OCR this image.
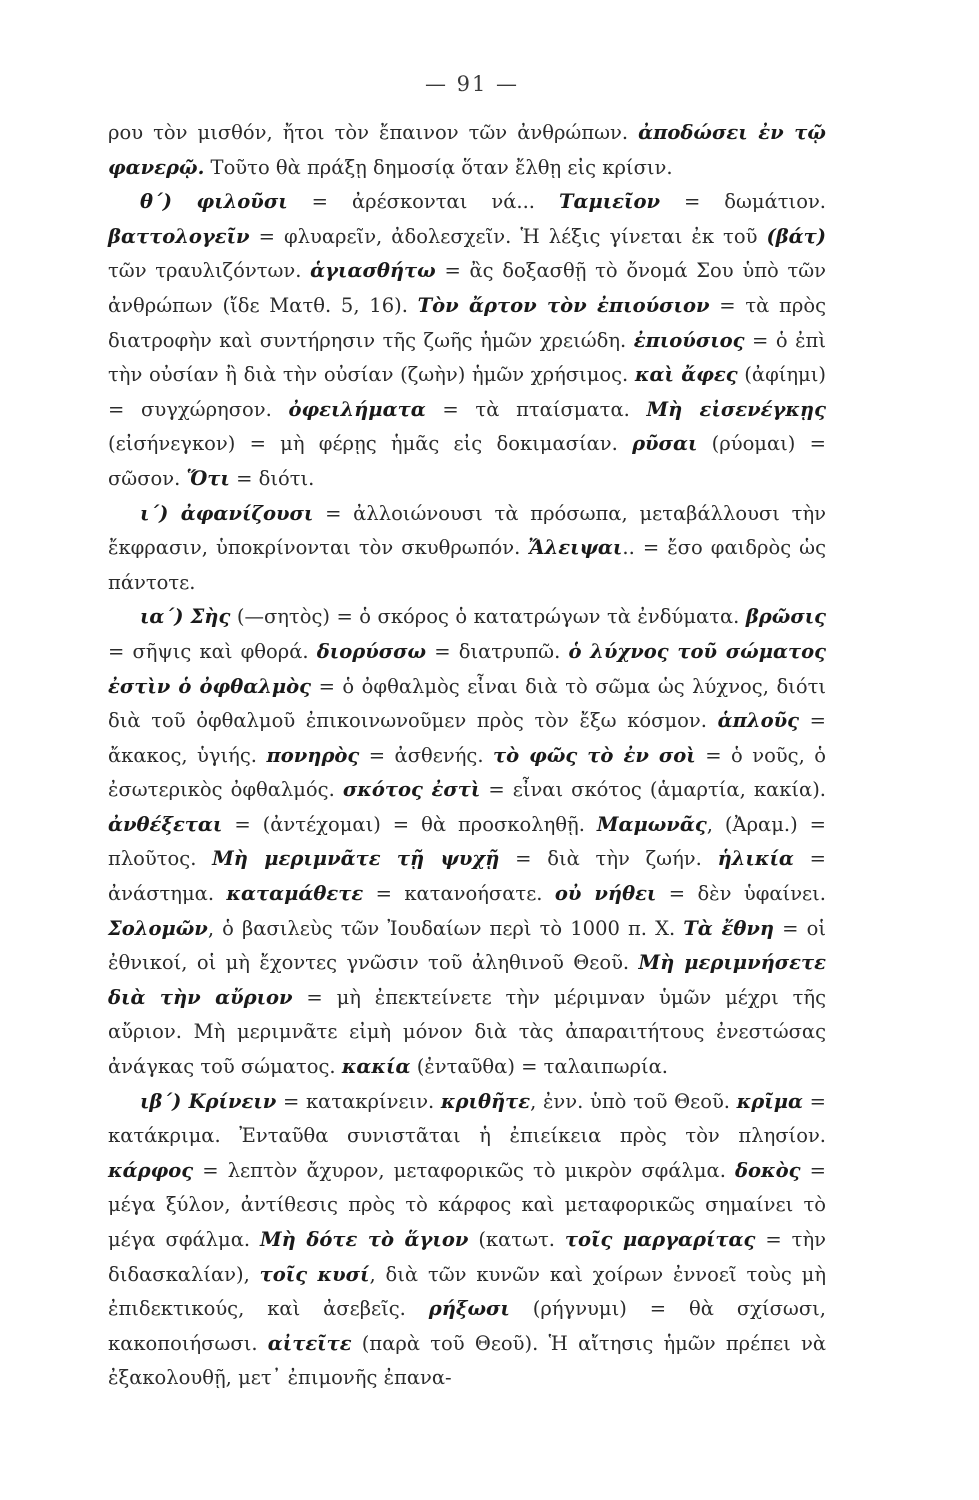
— 91 —

ρου τὸν μισθόν, ἤτοι τὸν ἔπαινον τῶν ἀνθρώπων. ἀποδώσει ἐν τῷ φανερῷ. Τοῦτο θὰ πράξῃ δημοσίᾳ ὅταν ἔλθῃ εἰς κρίσιν.

θ΄) φιλοῦσι = ἀρέσκονται νά... Ταμιεῖον = δωμάτιον. βαττολογεῖν = φλυαρεῖν, ἀδολεσχεῖν. Ἡ λέξις γίνεται ἐκ τοῦ (βάτ) τῶν τραυλιζόντων. ἁγιασθήτω = ἂς δοξασθῇ τὸ ὄνομά Σου ὑπὸ τῶν ἀνθρώπων (ἴδε Ματθ. 5, 16). Τὸν ἄρτον τὸν ἐπιούσιον = τὰ πρὸς διατροφὴν καὶ συντήρησιν τῆς ζωῆς ἡμῶν χρειώδη. ἐπιούσιος = ὁ ἐπὶ τὴν οὐσίαν ἢ διὰ τὴν οὐσίαν (ζωὴν) ἡμῶν χρήσιμος. καὶ ἄφες (ἀφίημι) = συγχώρησον. ὀφειλήματα = τὰ πταίσματα. Μὴ εἰσενέγκῃς (εἰσήνεγκον) = μὴ φέρῃς ἡμᾶς εἰς δοκιμασίαν. ρῦσαι (ρύομαι) = σῶσον. Ὅτι = διότι.

ι΄) ἀφανίζουσι = ἀλλοιώνουσι τὰ πρόσωπα, μεταβάλλουσι τὴν ἔκφρασιν, ὑποκρίνονται τὸν σκυθρωπόν. Ἄλειψαι.. = ἔσο φαιδρὸς ὡς πάντοτε.

ια΄) Σὴς (—σητὸς) = ὁ σκόρος ὁ κατατρώγων τὰ ἐνδύματα. βρῶσις = σῆψις καὶ φθορά. διορύσσω = διατρυπῶ. ὁ λύχνος τοῦ σώματος ἐστὶν ὁ ὀφθαλμὸς = ὁ ὀφθαλμὸς εἶναι διὰ τὸ σῶμα ὡς λύχνος, διότι διὰ τοῦ ὀφθαλμοῦ ἐπικοινωνοῦμεν πρὸς τὸν ἔξω κόσμον. ἁπλοῦς = ἄκακος, ὑγιής. πονηρὸς = ἀσθενής. τὸ φῶς τὸ ἐν σοὶ = ὁ νοῦς, ὁ ἐσωτερικὸς ὀφθαλμός. σκότος ἐστὶ = εἶναι σκότος (ἁμαρτία, κακία). ἀνθέξεται = (ἀντέχομαι) = θὰ προσκοληθῇ. Μαμωνᾶς, (Ἀραμ.) = πλοῦτος. Μὴ μεριμνᾶτε τῇ ψυχῇ = διὰ τὴν ζωήν. ἡλικία = ἀνάστημα. καταμάθετε = κατανοήσατε. οὐ νήθει = δὲν ὑφαίνει. Σολομῶν, ὁ βασιλεὺς τῶν Ἰουδαίων περὶ τὸ 1000 π. Χ. Τὰ ἔθνη = οἱ ἐθνικοί, οἱ μὴ ἔχοντες γνῶσιν τοῦ ἀληθινοῦ Θεοῦ. Μὴ μεριμνήσετε διὰ τὴν αὔριον = μὴ ἐπεκτείνετε τὴν μέριμναν ὑμῶν μέχρι τῆς αὔριον. Μὴ μεριμνᾶτε εἰμὴ μόνον διὰ τὰς ἀπαραιτήτους ἐνεστώσας ἀνάγκας τοῦ σώματος. κακία (ἐνταῦθα) = ταλαιπωρία.

ιβ΄) Κρίνειν = κατακρίνειν. κριθῆτε, ἐνν. ὑπὸ τοῦ Θεοῦ. κρῖμα = κατάκριμα. Ἐνταῦθα συνιστᾶται ἡ ἐπιείκεια πρὸς τὸν πλησίον. κάρφος = λεπτὸν ἄχυρον, μεταφορικῶς τὸ μικρὸν σφάλμα. δοκὸς = μέγα ξύλον, ἀντίθεσις πρὸς τὸ κάρφος καὶ μεταφορικῶς σημαίνει τὸ μέγα σφάλμα. Μὴ δότε τὸ ἅγιον (κατωτ. τοῖς μαργαρίτας = τὴν διδασκαλίαν), τοῖς κυσί, διὰ τῶν κυνῶν καὶ χοίρων ἐννοεῖ τοὺς μὴ ἐπιδεκτικούς, καὶ ἀσεβεῖς. ρήξωσι (ρήγνυμι) = θὰ σχίσωσι, κακοποιήσωσι. αἰτεῖτε (παρὰ τοῦ Θεοῦ). Ἡ αἴτησις ἡμῶν πρέπει νὰ ἐξακολουθῇ, μετ᾽ ἐπιμονῆς ἐπανα-
